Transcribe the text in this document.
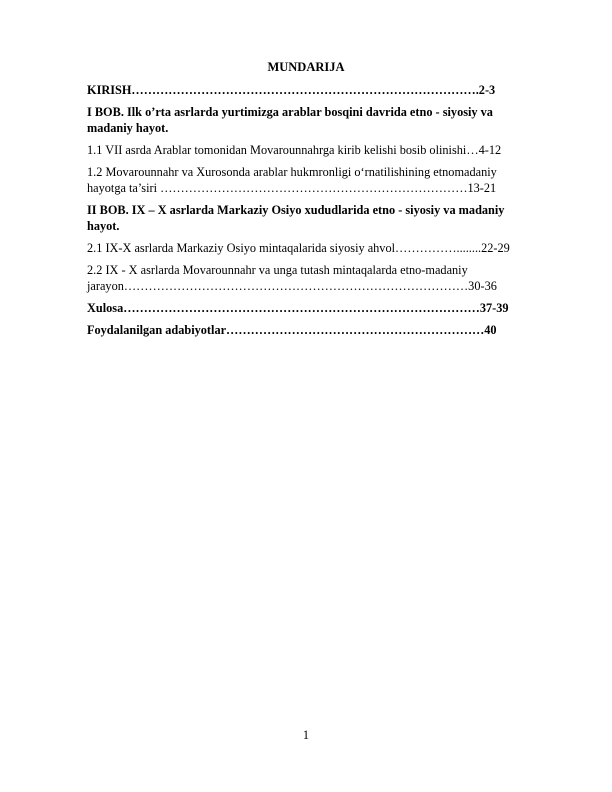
MUNDARIJA
KIRISH………………………………………………………………………….2-3
I BOB. Ilk o’rta asrlarda yurtimizga arablar bosqini davrida etno - siyosiy va
madaniy hayot.
1.1 VII asrda Arablar tomonidan Movarounnahrga kirib kelishi bosib olinishi…4-12
1.2 Movarounnahr va Xurosonda arablar hukmronligi o‘rnatilishining etnomadaniy
hayotga ta’siri …………………………………………………………………13-21
II BOB. IX – X asrlarda Markaziy Osiyo xududlarida etno - siyosiy va madaniy
hayot.
2.1 IX-X asrlarda Markaziy Osiyo mintaqalarida siyosiy ahvol……………........22-29
2.2 IX - X asrlarda Movarounnahr va unga tutash mintaqalarda etno-madaniy
jarayon…………………………………………………………………………30-36
Xulosa……………………………………………………………………………37-39
Foydalanilgan adabiyotlar………………………………………………………40
1
